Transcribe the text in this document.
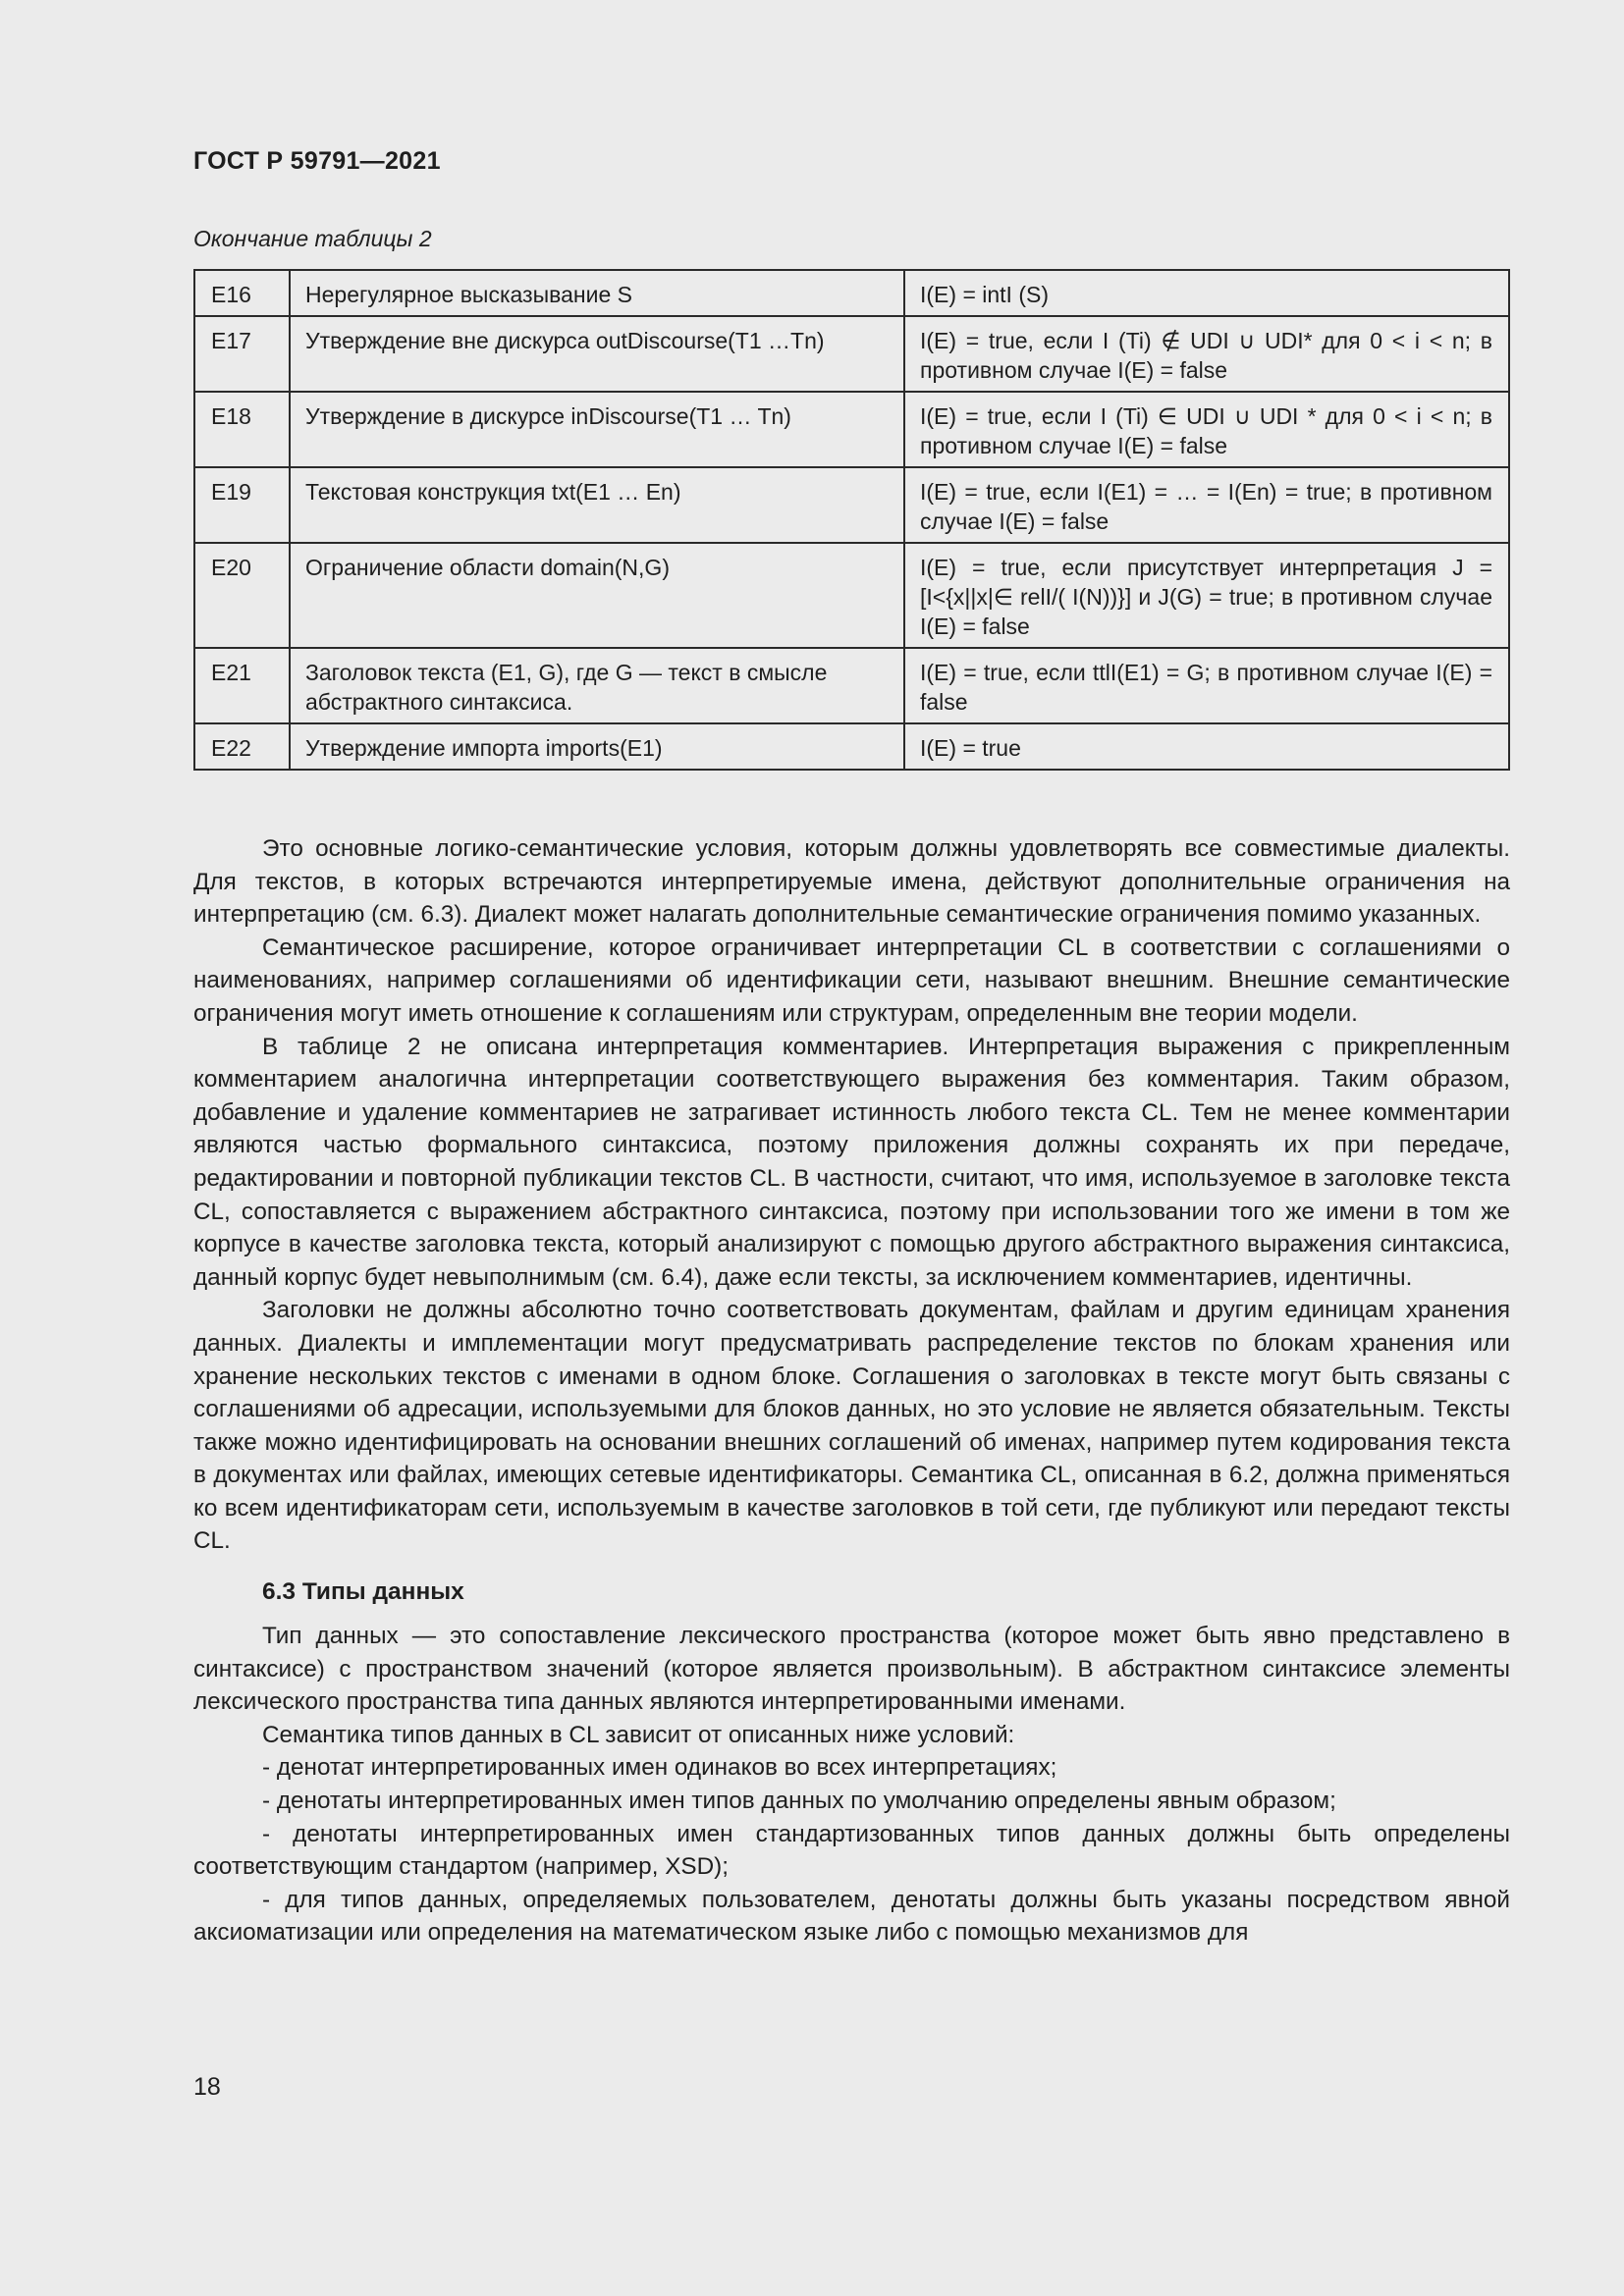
ГОСТ Р 59791—2021
Окончание таблицы 2
E16	Нерегулярное высказывание S	I(E) = intI (S)
E17	Утверждение вне дискурса outDiscourse(T1 …Tn)	I(E) = true, если I (Ti) ∉ UDI ∪ UDI* для 0 < i < n; в противном случае I(E) = false
E18	Утверждение в дискурсе inDiscourse(T1 … Tn)	I(E) = true, если I (Ti) ∈ UDI ∪ UDI * для 0 < i < n; в противном случае I(E) = false
E19	Текстовая конструкция txt(E1 … En)	I(E) = true, если I(E1) = … = I(En) = true; в противном случае I(E) = false
E20	Ограничение области domain(N,G)	I(E) = true, если присутствует интерпретация J = [I<{x||x|∈ relI/( I(N))}] и J(G) = true; в противном случае I(E) = false
E21	Заголовок текста (E1, G), где G — текст в смысле абстрактного синтаксиса.	I(E) = true, если ttlI(E1) = G; в противном случае I(E) = false
E22	Утверждение импорта imports(E1)	I(E) = true

Это основные логико-семантические условия, которым должны удовлетворять все совместимые диалекты. Для текстов, в которых встречаются интерпретируемые имена, действуют дополнительные ограничения на интерпретацию (см. 6.3). Диалект может налагать дополнительные семантические ограничения помимо указанных.

Семантическое расширение, которое ограничивает интерпретации CL в соответствии с соглашениями о наименованиях, например соглашениями об идентификации сети, называют внешним. Внешние семантические ограничения могут иметь отношение к соглашениям или структурам, определенным вне теории модели.

В таблице 2 не описана интерпретация комментариев. Интерпретация выражения с прикрепленным комментарием аналогична интерпретации соответствующего выражения без комментария. Таким образом, добавление и удаление комментариев не затрагивает истинность любого текста CL. Тем не менее комментарии являются частью формального синтаксиса, поэтому приложения должны сохранять их при передаче, редактировании и повторной публикации текстов CL. В частности, считают, что имя, используемое в заголовке текста CL, сопоставляется с выражением абстрактного синтаксиса, поэтому при использовании того же имени в том же корпусе в качестве заголовка текста, который анализируют с помощью другого абстрактного выражения синтаксиса, данный корпус будет невыполнимым (см. 6.4), даже если тексты, за исключением комментариев, идентичны.

Заголовки не должны абсолютно точно соответствовать документам, файлам и другим единицам хранения данных. Диалекты и имплементации могут предусматривать распределение текстов по блокам хранения или хранение нескольких текстов с именами в одном блоке. Соглашения о заголовках в тексте могут быть связаны с соглашениями об адресации, используемыми для блоков данных, но это условие не является обязательным. Тексты также можно идентифицировать на основании внешних соглашений об именах, например путем кодирования текста в документах или файлах, имеющих сетевые идентификаторы. Семантика CL, описанная в 6.2, должна применяться ко всем идентификаторам сети, используемым в качестве заголовков в той сети, где публикуют или передают тексты CL.

6.3 Типы данных

Тип данных — это сопоставление лексического пространства (которое может быть явно представлено в синтаксисе) с пространством значений (которое является произвольным). В абстрактном синтаксисе элементы лексического пространства типа данных являются интерпретированными именами.

Семантика типов данных в CL зависит от описанных ниже условий:

- денотат интерпретированных имен одинаков во всех интерпретациях;

- денотаты интерпретированных имен типов данных по умолчанию определены явным образом;

- денотаты интерпретированных имен стандартизованных типов данных должны быть определены соответствующим стандартом (например, XSD);

- для типов данных, определяемых пользователем, денотаты должны быть указаны посредством явной аксиоматизации или определения на математическом языке либо с помощью механизмов для

18
